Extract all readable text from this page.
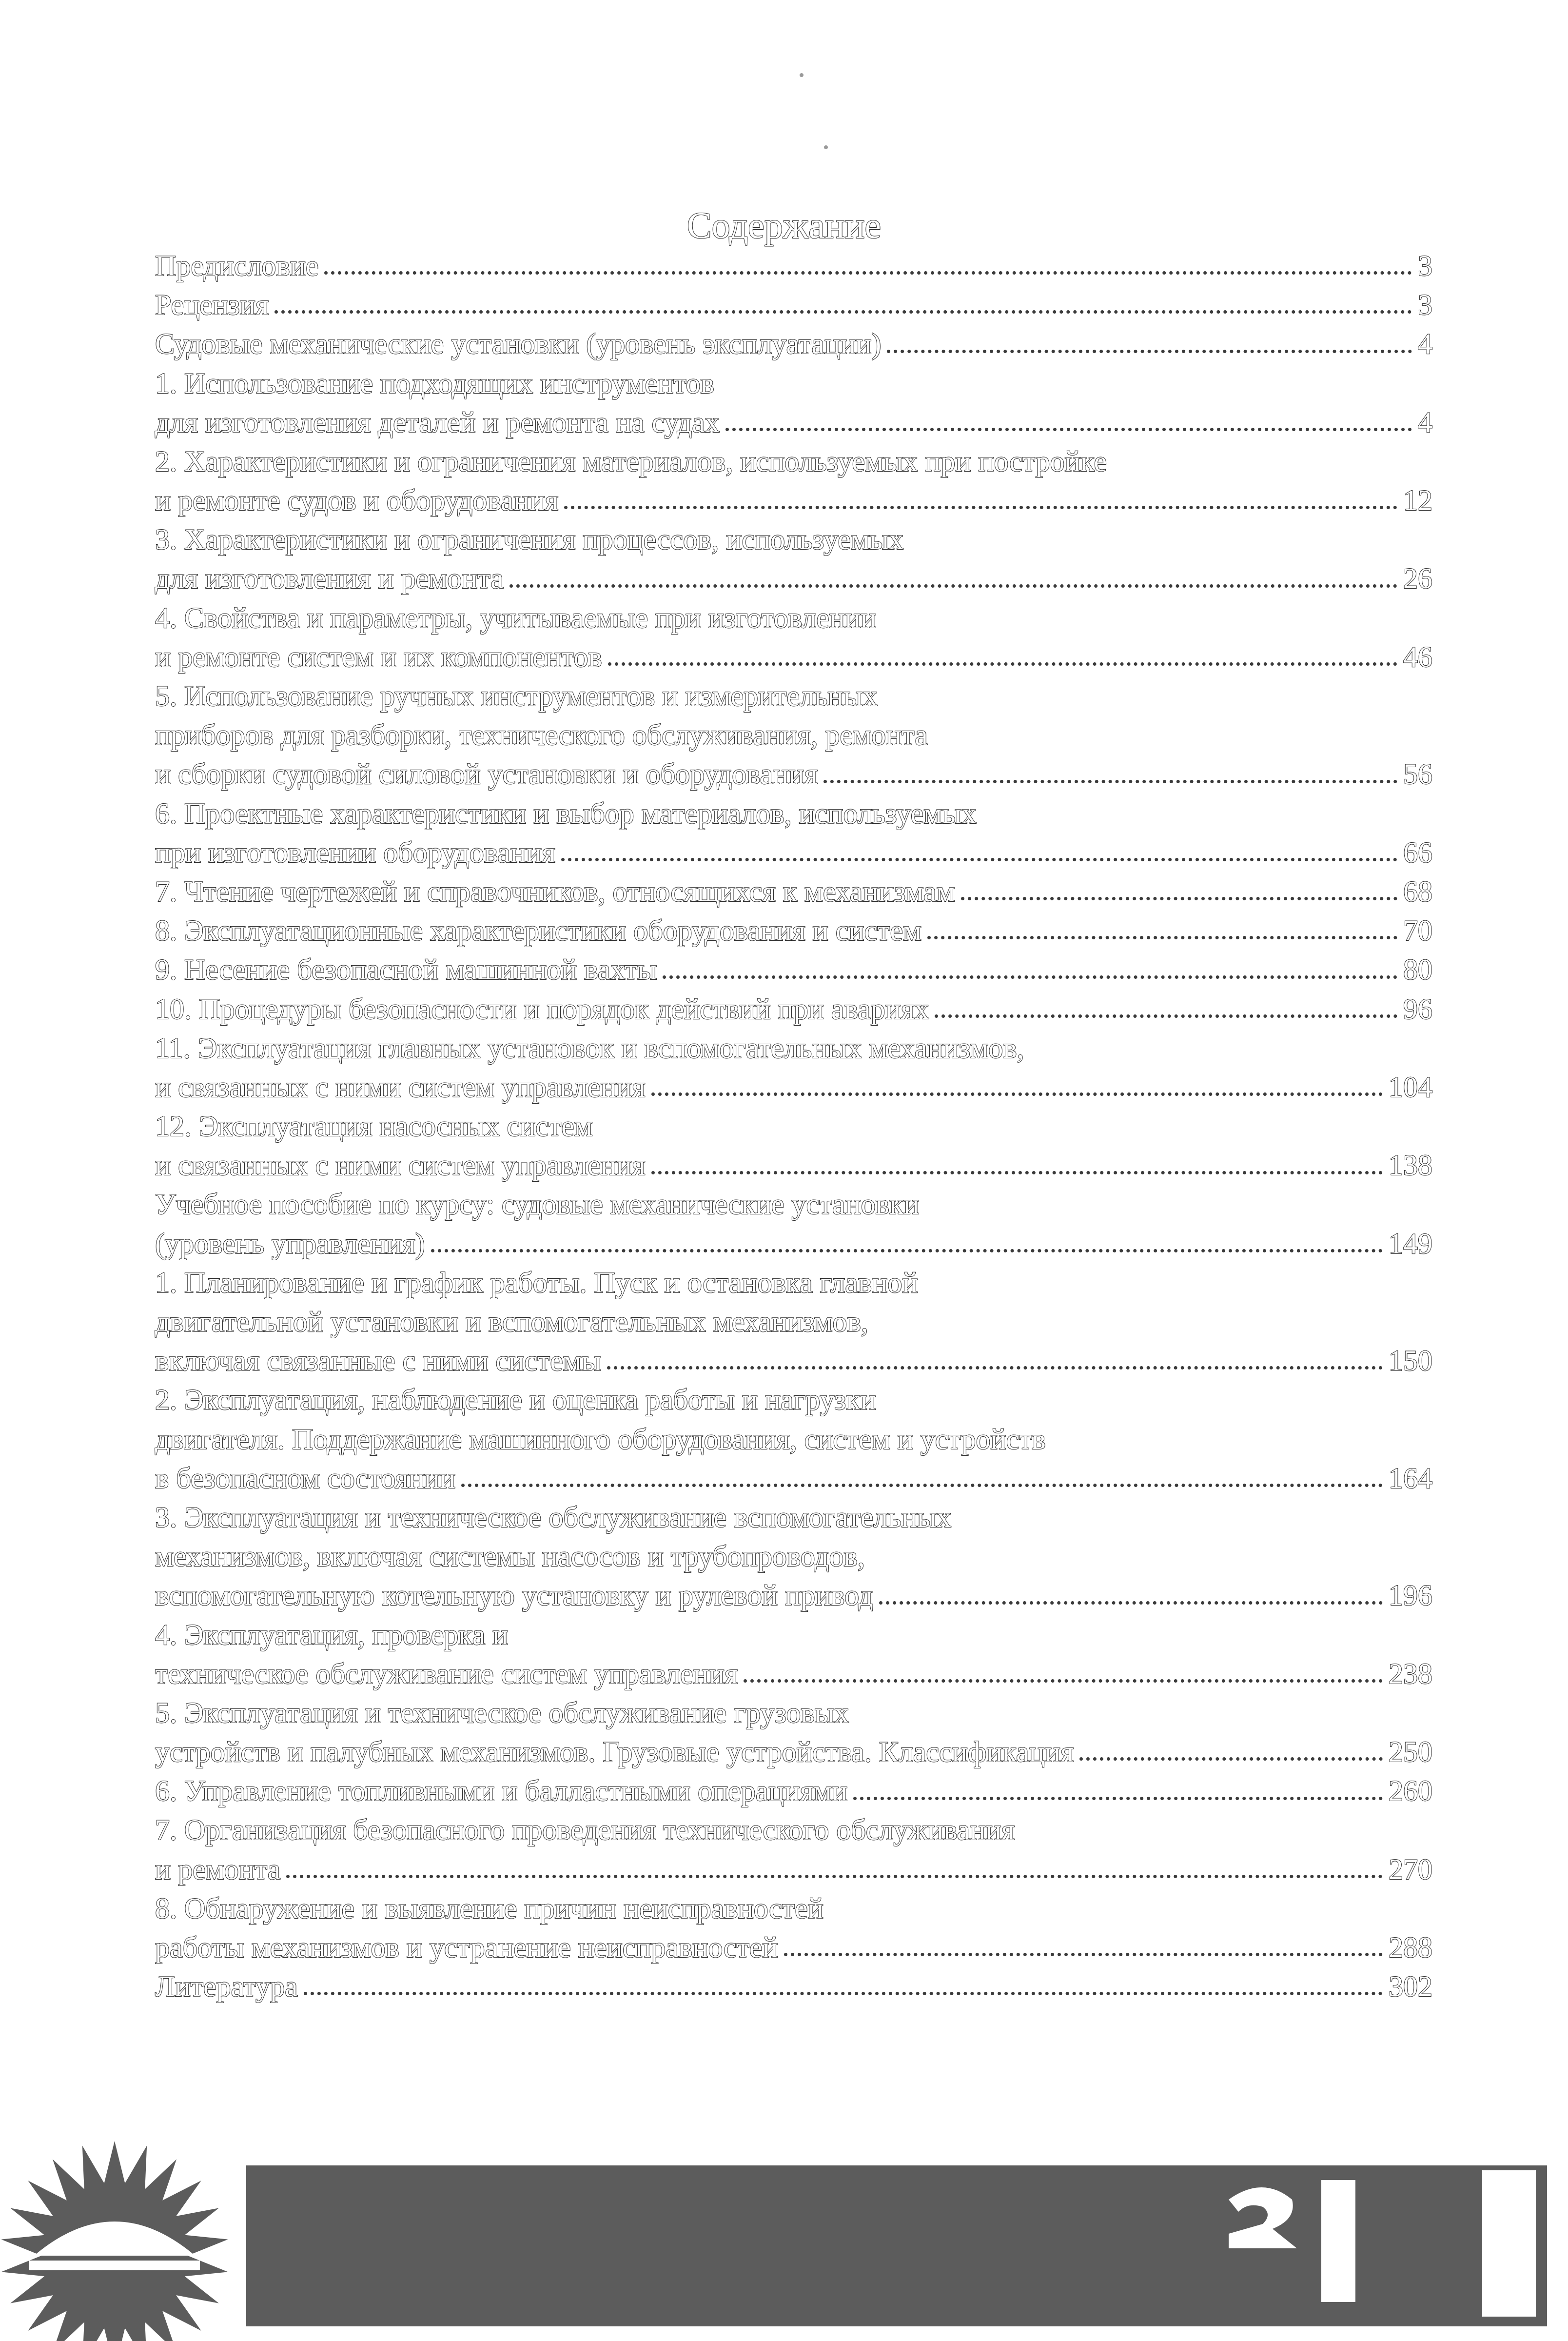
Содержание
Предисловие	3
Рецензия	3
Судовые механические установки (уровень эксплуатации)	4
1. Использование подходящих инструментов
для изготовления деталей и ремонта на судах	4
2. Характеристики и ограничения материалов, используемых при постройке
и ремонте судов и оборудования	12
3. Характеристики и ограничения процессов, используемых
для изготовления и ремонта	26
4. Свойства и параметры, учитываемые при изготовлении
и ремонте систем и их компонентов	46
5. Использование ручных инструментов и измерительных
приборов для разборки, технического обслуживания, ремонта
и сборки судовой силовой установки и оборудования	56
6. Проектные характеристики и выбор материалов, используемых
при изготовлении оборудования	66
7. Чтение чертежей и справочников, относящихся к механизмам	68
8. Эксплуатационные характеристики оборудования и систем	70
9. Несение безопасной машинной вахты	80
10. Процедуры безопасности и порядок действий при авариях	96
11. Эксплуатация главных установок и вспомогательных механизмов,
и связанных с ними систем управления	104
12. Эксплуатация насосных систем
и связанных с ними систем управления	138
Учебное пособие по курсу: судовые механические установки
(уровень управления)	149
1. Планирование и график работы. Пуск и остановка главной
двигательной установки и вспомогательных механизмов,
включая связанные с ними системы	150
2. Эксплуатация, наблюдение и оценка работы и нагрузки
двигателя. Поддержание машинного оборудования, систем и устройств
в безопасном состоянии	164
3. Эксплуатация и техническое обслуживание вспомогательных
механизмов, включая системы насосов и трубопроводов,
вспомогательную котельную установку и рулевой привод	196
4. Эксплуатация, проверка и
техническое обслуживание систем управления	238
5. Эксплуатация и техническое обслуживание грузовых
устройств и палубных механизмов. Грузовые устройства. Классификация	250
6. Управление топливными и балластными операциями	260
7. Организация безопасного проведения технического обслуживания
и ремонта	270
8. Обнаружение и выявление причин неисправностей
работы механизмов и устранение неисправностей	288
Литература	302
